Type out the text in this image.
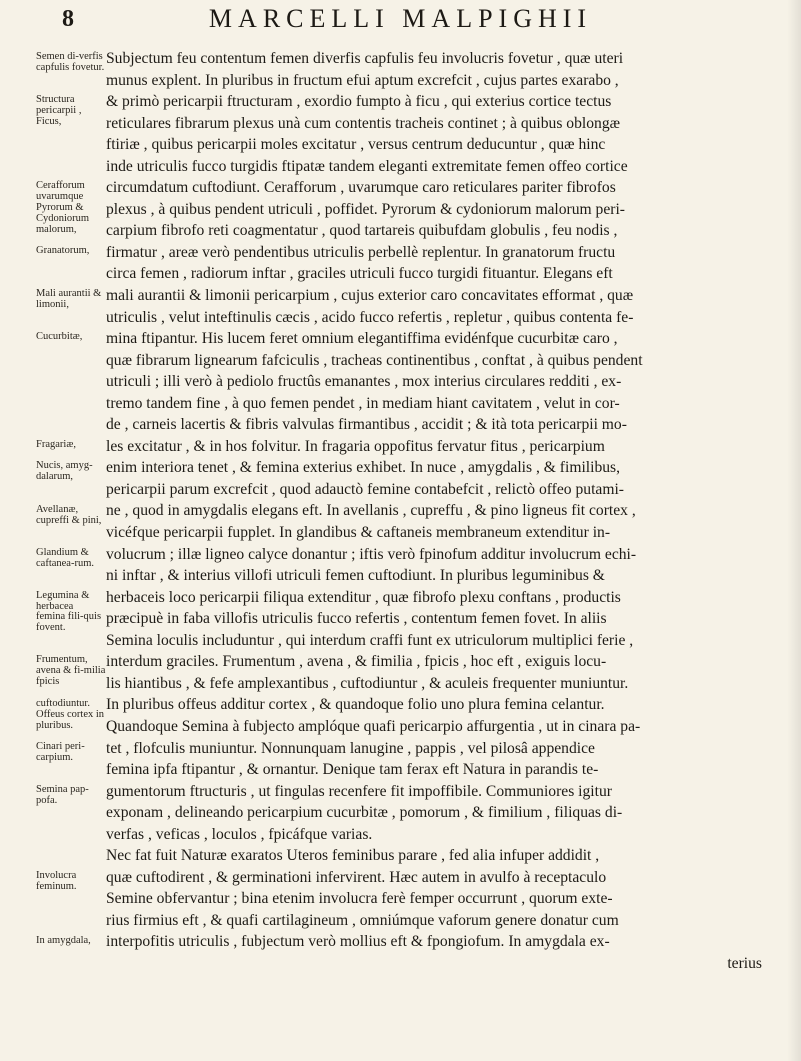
8	MARCELLI MALPIGHII
Semen di-verfis capfulis fovetur.
Structura pericarpii ,
Ficus,
Cerafforum uvarumque
Pyrorum & Cydoniorum malorum,
Granatorum,
Mali aurantii & limonii,
Cucurbitæ,
Fragariæ,
Nucis, amyg-dalarum,
Avellanæ, cupreffi & pini,
Glandium & caftanea-rum.
Legumina & herbacea
femina fili-quis fovent.
Frumentum, avena & fi-milia fpicis
cuftodiuntur. Offeus cortex in pluribus.
Cinari peri-carpium.
Semina pap-pofa.
Involucra feminum.
In amygdala,
Subjectum feu contentum femen diverfis capfulis feu involucris fovetur , quæ uteri
munus explent. In pluribus in fructum efui aptum excrefcit , cujus partes exarabo ,
& primò pericarpii ftructuram , exordio fumpto à ficu , qui exterius cortice tectus
reticulares fibrarum plexus unà cum contentis tracheis continet ; à quibus oblongæ
ftiriæ , quibus pericarpii moles excitatur , versus centrum deducuntur , quæ hinc
inde utriculis fucco turgidis ftipatæ tandem eleganti extremitate femen offeo cortice
circumdatum cuftodiunt. Cerafforum , uvarumque caro reticulares pariter fibrofos
plexus , à quibus pendent utriculi , poffidet. Pyrorum & cydoniorum malorum peri-
carpium fibrofo reti coagmentatur , quod tartareis quibufdam globulis , feu nodis ,
firmatur , areæ verò pendentibus utriculis perbellè replentur. In granatorum fructu
circa femen , radiorum inftar , graciles utriculi fucco turgidi fituantur. Elegans eft
mali aurantii & limonii pericarpium , cujus exterior caro concavitates efformat , quæ
utriculis , velut inteftinulis cæcis , acido fucco refertis , repletur , quibus contenta fe-
mina ftipantur. His lucem feret omnium elegantiffima evidénfque cucurbitæ caro ,
quæ fibrarum lignearum fafciculis , tracheas continentibus , conftat , à quibus pendent
utriculi ; illi verò à pediolo fructûs emanantes , mox interius circulares redditi , ex-
tremo tandem fine , à quo femen pendet , in mediam hiant cavitatem , velut in cor-
de , carneis lacertis & fibris valvulas firmantibus , accidit ; & ità tota pericarpii mo-
les excitatur , & in hos folvitur. In fragaria oppofitus fervatur fitus , pericarpium
enim interiora tenet , & femina exterius exhibet. In nuce , amygdalis , & fimilibus,
pericarpii parum excrefcit , quod adauctò femine contabefcit , relictò offeo putami-
ne , quod in amygdalis elegans eft. In avellanis , cupreffu , & pino ligneus fit cortex ,
vicéfque pericarpii fupplet. In glandibus & caftaneis membraneum extenditur in-
volucrum ; illæ ligneo calyce donantur ; iftis verò fpinofum additur involucrum echi-
ni inftar , & interius villofi utriculi femen cuftodiunt. In pluribus leguminibus &
herbaceis loco pericarpii filiqua extenditur , quæ fibrofo plexu conftans , productis
præcipuè in faba villofis utriculis fucco refertis , contentum femen fovet. In aliis
Semina loculis includuntur , qui interdum craffi funt ex utriculorum multiplici ferie ,
interdum graciles. Frumentum , avena , & fimilia , fpicis , hoc eft , exiguis locu-
lis hiantibus , & fefe amplexantibus , cuftodiuntur , & aculeis frequenter muniuntur.
In pluribus offeus additur cortex , & quandoque folio uno plura femina celantur.
Quandoque Semina à fubjecto amplóque quafi pericarpio affurgentia , ut in cinara pa-
tet , flofculis muniuntur. Nonnunquam lanugine , pappis , vel pilosâ appendice
femina ipfa ftipantur , & ornantur. Denique tam ferax eft Natura in parandis te-
gumentorum ftructuris , ut fingulas recenfere fit impoffibile. Communiores igitur
exponam , delineando pericarpium cucurbitæ , pomorum , & fimilium , filiquas di-
verfas , veficas , loculos , fpicáfque varias.
Nec fat fuit Naturæ exaratos Uteros feminibus parare , fed alia infuper addidit ,
quæ cuftodirent , & germinationi infervirent. Hæc autem in avulfo à receptaculo
Semine obfervantur ; bina etenim involucra ferè femper occurrunt , quorum exte-
rius firmius eft , & quafi cartilagineum , omniúmque vaforum genere donatur cum
interpofitis utriculis , fubjectum verò mollius eft & fpongiofum. In amygdala ex-
terius
